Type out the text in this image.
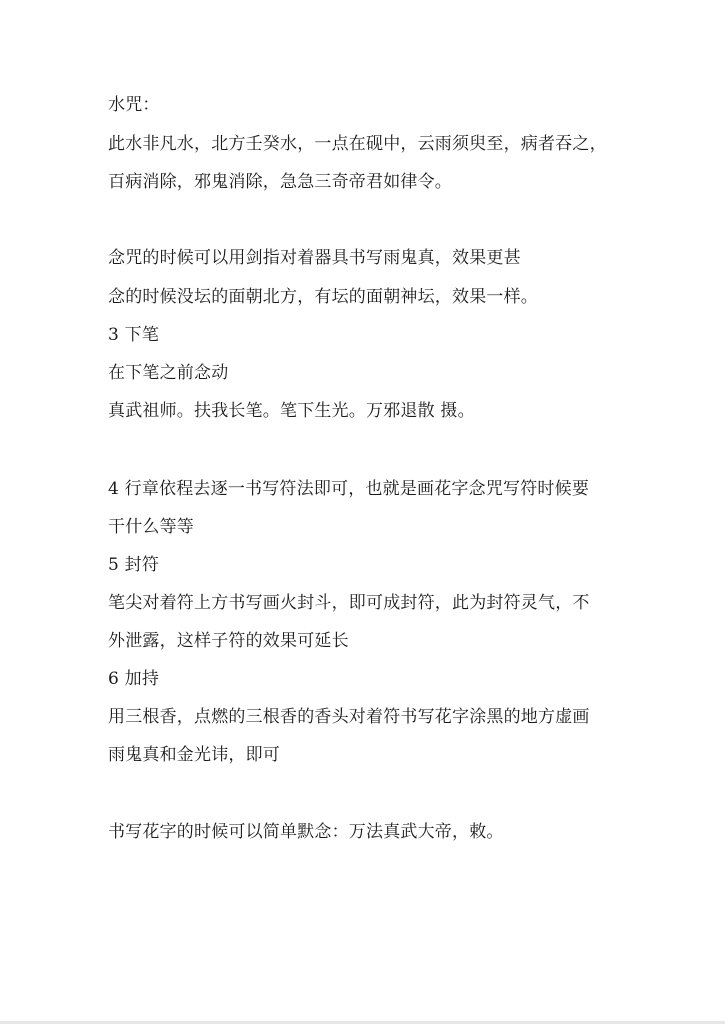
水咒：
此水非凡水，北方壬癸水，一点在砚中，云雨须臾至，病者吞之，
百病消除，邪鬼消除，急急三奇帝君如律令。
念咒的时候可以用剑指对着器具书写雨鬼真，效果更甚
念的时候没坛的面朝北方，有坛的面朝神坛，效果一样。
3 下笔
在下笔之前念动
真武祖师。扶我长笔。笔下生光。万邪退散 摄。
4 行章依程去逐一书写符法即可，也就是画花字念咒写符时候要
干什么等等
5 封符
笔尖对着符上方书写画火封斗，即可成封符，此为封符灵气，不
外泄露，这样子符的效果可延长
6 加持
用三根香，点燃的三根香的香头对着符书写花字涂黑的地方虚画
雨鬼真和金光讳，即可
书写花字的时候可以简单默念：万法真武大帝，敕。
